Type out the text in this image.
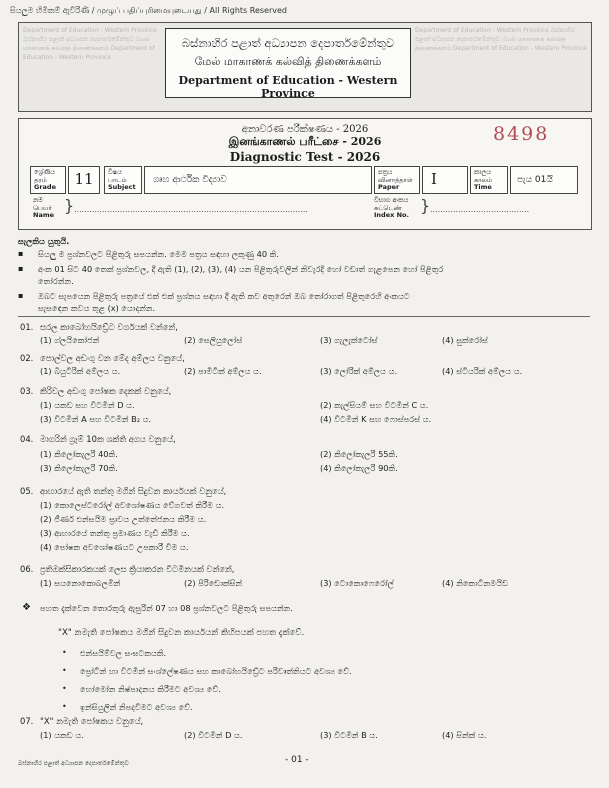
සියලුම හිමිකම් ඇවිරිණි / முழுப் பதிப்புரிமையுடையது / All Rights Reserved
Department of Education - Western Province බස්නාහිර පළාත් අධ්‍යාපන දෙපාර්තමේන්තුව மேல் மாகாணக் கல்வித் திணைக்களம் Department of Education - Western Province
Department of Education - Western Province බස්නාහිර පළාත් අධ්‍යාපන දෙපාර්තමේන්තුව மேல் மாகாணக் கல்வித் திணைக்களம் Department of Education - Western Province
බස්නාහිර පළාත් අධ්‍යාපන දෙපාර්තමේන්තුව
மேல் மாகாணக் கல்வித் திணைக்களம்
Department of Education - Western Province
අනාවරණ පරීක්ෂණය - 2026
இனங்காணல் பரீட்சை - 2026
Diagnostic Test - 2026
8498
ශ්‍රේණිය
தரம்
Grade	11	විෂය
பாடம்
Subject
ගෘහ ආර්ථික විද්‍යාව
පත්‍රය
வினாத்தாள்
Paper	I	කාලය
காலம்
Time
පැය 01යි
නම
பெயர்
Name } ............................................................................................
විභාග අංකය
சுட்டெண்
Index No. } .......................................
සැලකිය යුතුයි.
▪ සියලු ම ප්‍රශ්නවලට පිළිතුරු සපයන්න. මෙම පත්‍රය සඳහා ලකුණු 40 කි.
▪ අංක 01 සිට 40 තෙක් ප්‍රශ්නවල, දී ඇති (1), (2), (3), (4) යන පිළිතුරුවලින් නිවැරදි හෝ වඩාත් ගැළපෙන හෝ පිළිතුර
තෝරන්න.
▪ ඔබට සැපයෙන පිළිතුරු පත්‍රයේ එක් එක් ප්‍රශ්නය සඳහා දී ඇති කව අතුරෙන් ඔබ තෝරාගත් පිළිතුරෙහි අංකයට
සැසඳෙන කවය තුළ (x) යොදන්න.
01. සරල කාබෝහයිඩ්‍රේට වර්ගයක් වන්නේ,
(1) ග්ලයිකෝජන්	(2) සෙලියුලෝස්	(3) ගැලැක්ටෝස්	(4) සුක්රෝස්
02. පොල්වල අඩංගු වන මේද අම්ලය වනුයේ,
(1) බියුටිරික් අම්ලය ය.	(2) පාමිටික් අම්ලය ය.	(3) ලෝරික් අම්ලය ය.	(4) ස්ටියරික් අම්ලය ය.
03. කිරිවල අඩංගු පෝෂක දෙකක් වනුයේ,
(1) යකඩ සහ විටමින් D ය.	(2) කැල්සියම් සහ විටමින් C ය.
(3) විටමින් A සහ විටමින් B₂ ය.	(4) විටමින් K සහ ෆොස්පරස් ය.
04. මාගරින් ග්‍රෑම් 10ක ශක්ති අගය වනුයේ,
(1) කිලෝකැලරි 40කි.	(2) කිලෝකැලරි 55කි.
(3) කිලෝකැලරි 70කි.	(4) කිලෝකැලරි 90කි.
05. ආහාරයේ ඇති තන්තු මගින් සිදුවන කාර්යයක් වනුයේ,
(1) කොලෙස්ටරෝල් අවශෝෂණය වේගවත් කිරීම ය.
(2) ජීර්ණ එන්සයිම ස්‍රාවය උත්තේජනය කිරීම ය.
(3) ආහාරයේ තන්තු ප්‍රමාණය වැඩි කිරීම ය.
(4) පෝෂක අවශෝෂණයට උපකාරී වීම ය.
06. ප්‍රතිඔක්සිකාරකයක් ලෙස ක්‍රියාකරන විටමිනයක් වන්නේ,
(1) සයනොකොබලමින්	(2) පිරිඩොක්සින්	(3) ටොකොෆෙරෝල්	(4) නිකොටිනමයිඩ
❖ පහත දැක්වෙන තොරතුරු ඇසුරින් 07 හා 08 ප්‍රශ්නවලට පිළිතුරු සපයන්න.
"X" නමැති පෝෂකය මගින් සිදුවන කාර්යයන් කිහිපයක් පහත දැක්වේ.
• එන්සයිම්වල සංඝටකයකි.
• ප්‍රෝටීන් හා විටමින් සංශ්ලේෂණය සහ කාබෝහයිඩ්‍රේට පරිවෘත්තියට අවශ්‍ය වේ.
• හෝමෝන නිෂ්පාදනය කිරීමට අවශ්‍ය වේ.
• ඉන්සියුලින් නිපදවීමට අවශ්‍ය වේ.
07. "X" නමැති පෝෂකය වනුයේ,
(1) යකඩ ය.	(2) විටමින් D ය.	(3) විටමින් B ය.	(4) සින්ක් ය.
බස්නාහිර පළාත් අධ්‍යාපන දෙපාර්තමේන්තුව	- 01 -
